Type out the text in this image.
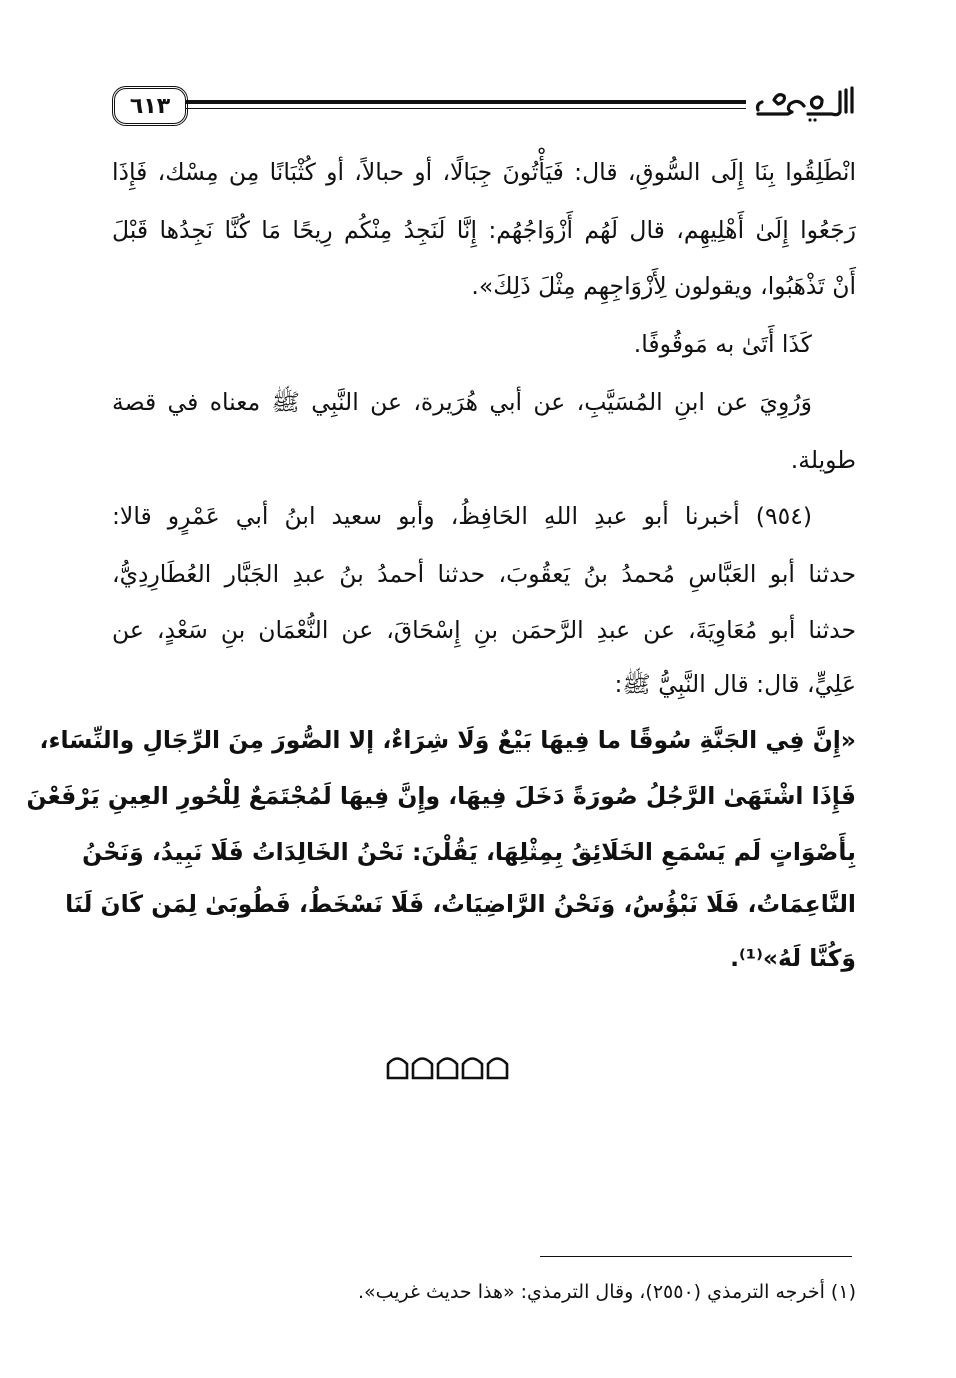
٦١٣
انْطَلِقُوا بِنَا إِلَى السُّوقِ، قال: فَيَأْتُونَ جِبَالًا، أو حبالاً، أو كُثْبَانًا مِن مِسْك، فَإِذَا
رَجَعُوا إِلَىٰ أَهْلِيهِم، قال لَهُم أَزْوَاجُهُم: إِنَّا لَنَجِدُ مِنْكُم رِيحًا مَا كُنَّا نَجِدُها قَبْلَ
أَنْ تَذْهَبُوا، ويقولون لِأَزْوَاجِهِم مِثْلَ ذَلِكَ».
كَذَا أَتَىٰ به مَوقُوفًا.
وَرُوِيَ عن ابنِ المُسَيَّبِ، عن أبي هُرَيرة، عن النَّبِي ﷺ معناه في قصة
طويلة.
(٩٥٤) أخبرنا أبو عبدِ اللهِ الحَافِظُ، وأبو سعيد ابنُ أبي عَمْرٍو قالا:
حدثنا أبو العَبَّاسِ مُحمدُ بنُ يَعقُوبَ، حدثنا أحمدُ بنُ عبدِ الجَبَّار العُطَارِدِيُّ،
حدثنا أبو مُعَاوِيَةَ، عن عبدِ الرَّحمَن بنِ إِسْحَاقَ، عن النُّعْمَان بنِ سَعْدٍ، عن
عَلِيٍّ، قال: قال النَّبِيُّ ﷺ:
«إِنَّ فِي الجَنَّةِ سُوقًا ما فِيهَا بَيْعٌ وَلَا شِرَاءٌ، إلا الصُّورَ مِنَ الرِّجَالِ والنِّسَاء،
فَإِذَا اشْتَهَىٰ الرَّجُلُ صُورَةً دَخَلَ فِيهَا، وإِنَّ فِيهَا لَمُجْتَمَعٌ لِلْحُورِ العِينِ يَرْفَعْنَ
بِأَصْوَاتٍ لَم يَسْمَعِ الخَلَائِقُ بِمِثْلِهَا، يَقُلْنَ: نَحْنُ الخَالِدَاتُ فَلَا نَبِيدُ، وَنَحْنُ
النَّاعِمَاتُ، فَلَا نَبْؤُسُ، وَنَحْنُ الرَّاضِيَاتُ، فَلَا نَسْخَطُ، فَطُوبَىٰ لِمَن كَانَ لَنَا
وَكُنَّا لَهُ»⁽¹⁾.
(١) أخرجه الترمذي (٢٥٥٠)، وقال الترمذي: «هذا حديث غريب».
